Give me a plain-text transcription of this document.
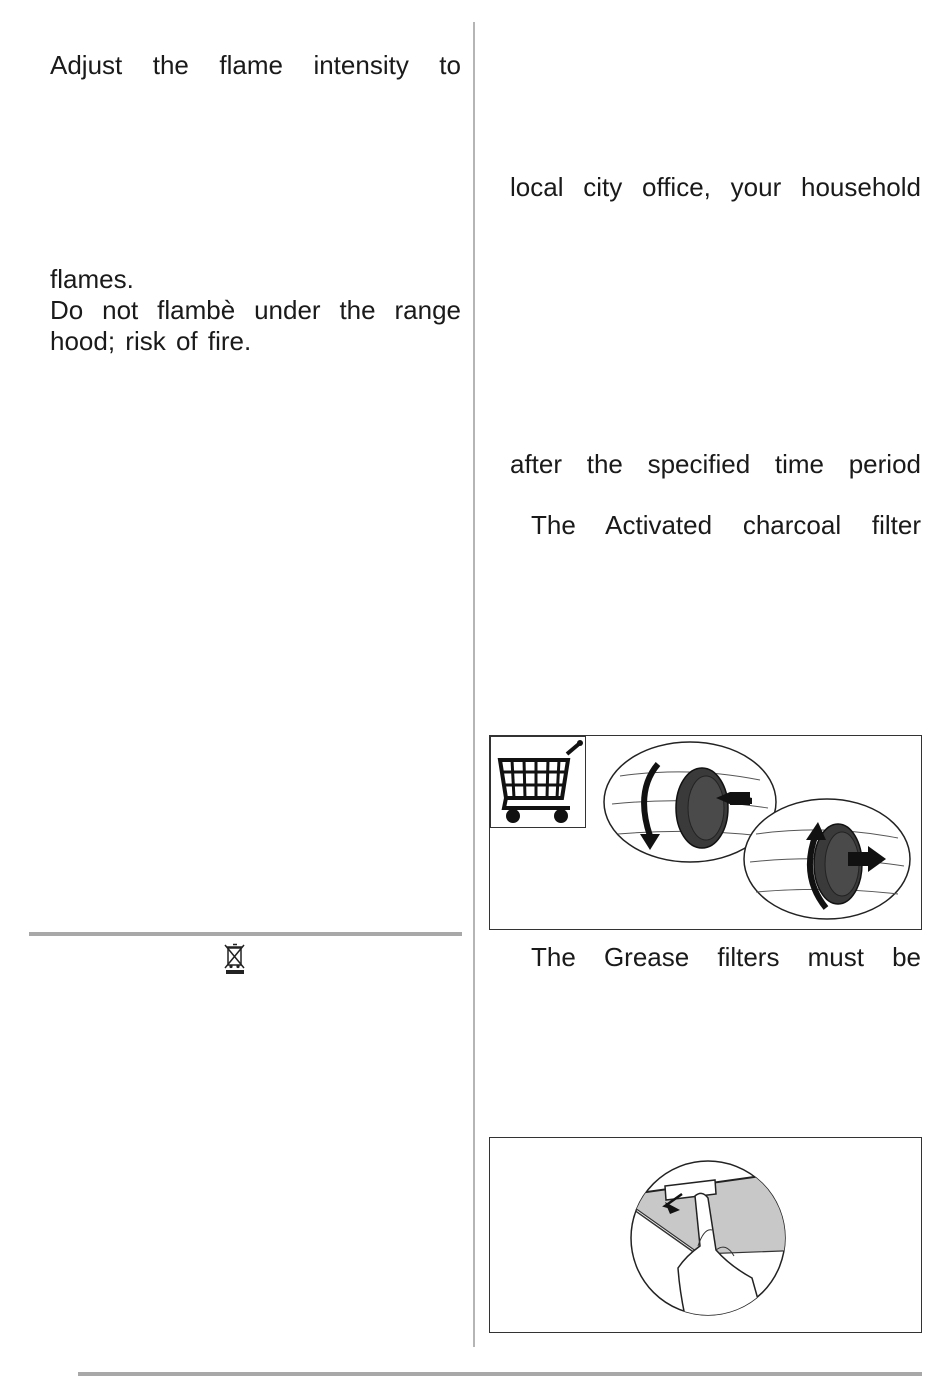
Adjust the flame intensity to

flames.

Do not flambè under the range

hood; risk of fire.

local city office, your household

after the specified time period

The Activated charcoal filter

The Grease filters must be
